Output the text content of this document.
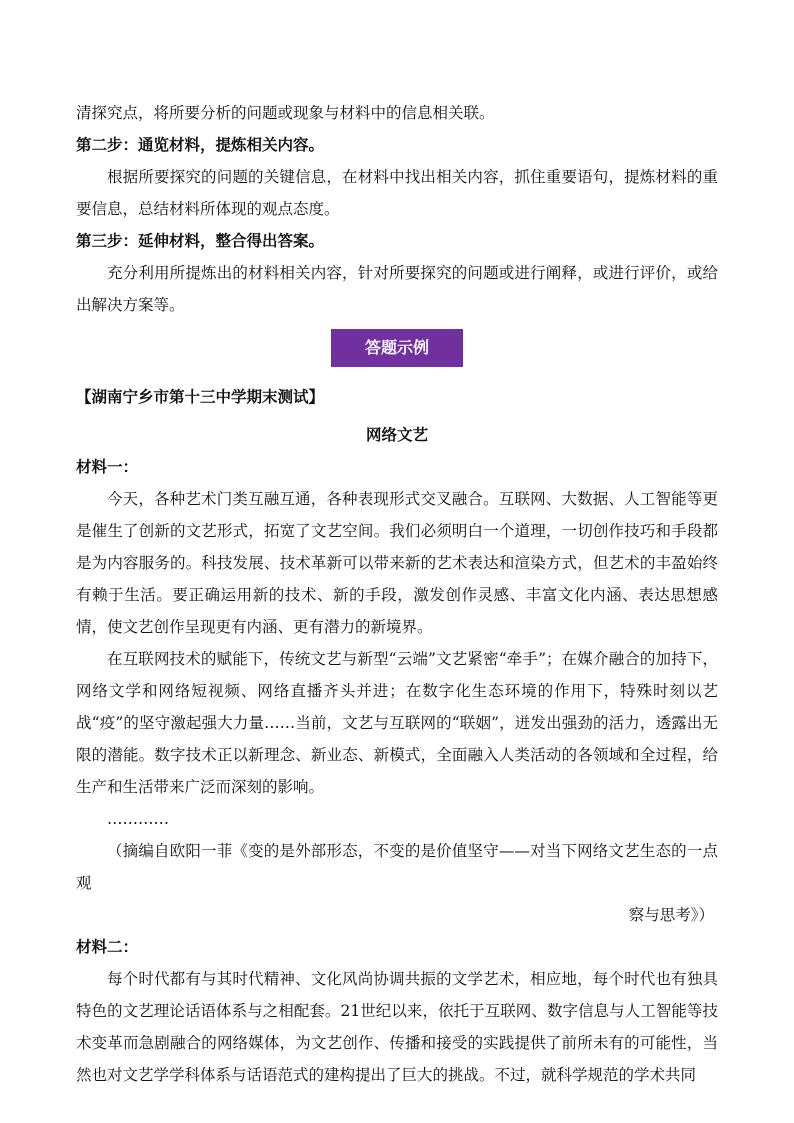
清探究点，将所要分析的问题或现象与材料中的信息相关联。

第二步：通览材料，提炼相关内容。

根据所要探究的问题的关键信息，在材料中找出相关内容，抓住重要语句，提炼材料的重要信息，总结材料所体现的观点态度。

第三步：延伸材料，整合得出答案。

充分利用所提炼出的材料相关内容，针对所要探究的问题或进行阐释，或进行评价，或给出解决方案等。

答题示例

【湖南宁乡市第十三中学期末测试】

网络文艺

材料一：

今天，各种艺术门类互融互通，各种表现形式交叉融合。互联网、大数据、人工智能等更是催生了创新的文艺形式，拓宽了文艺空间。我们必须明白一个道理，一切创作技巧和手段都是为内容服务的。科技发展、技术革新可以带来新的艺术表达和渲染方式，但艺术的丰盈始终有赖于生活。要正确运用新的技术、新的手段，激发创作灵感、丰富文化内涵、表达思想感情，使文艺创作呈现更有内涵、更有潜力的新境界。

在互联网技术的赋能下，传统文艺与新型“云端”文艺紧密“牵手”；在媒介融合的加持下，网络文学和网络短视频、网络直播齐头并进；在数字化生态环境的作用下，特殊时刻以艺战“疫”的坚守激起强大力量……当前，文艺与互联网的“联姻”，迸发出强劲的活力，透露出无限的潜能。数字技术正以新理念、新业态、新模式，全面融入人类活动的各领域和全过程，给生产和生活带来广泛而深刻的影响。

…………

（摘编自欧阳一菲《变的是外部形态，不变的是价值坚守——对当下网络文艺生态的一点观

察与思考》）

材料二：

每个时代都有与其时代精神、文化风尚协调共振的文学艺术，相应地，每个时代也有独具特色的文艺理论话语体系与之相配套。21世纪以来，依托于互联网、数字信息与人工智能等技术变革而急剧融合的网络媒体，为文艺创作、传播和接受的实践提供了前所未有的可能性，当然也对文艺学学科体系与话语范式的建构提出了巨大的挑战。不过，就科学规范的学术共同
